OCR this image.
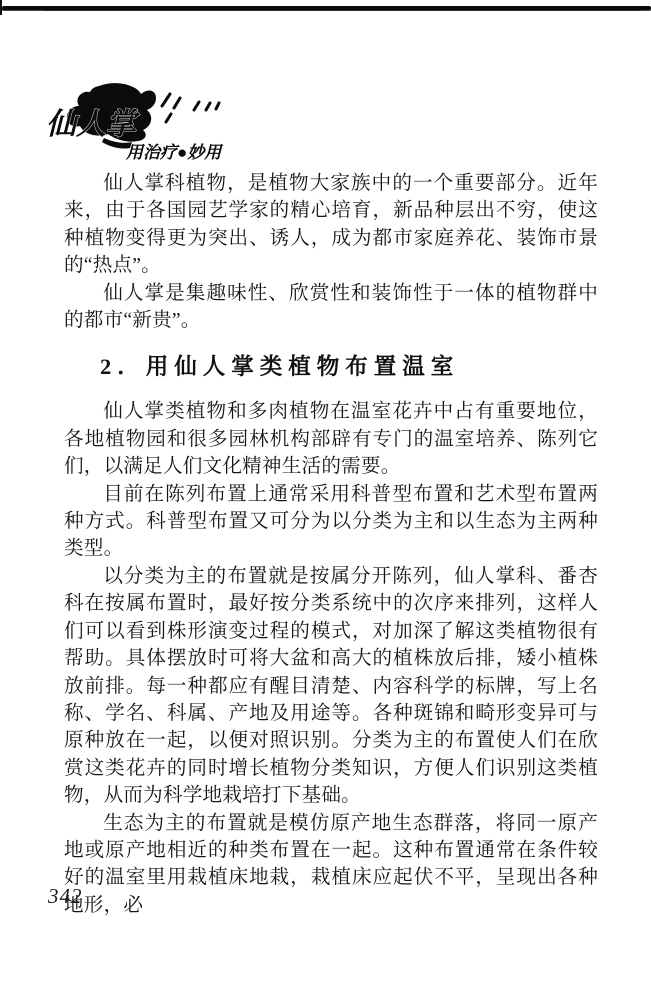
仙人掌
用治疗●妙用

仙人掌科植物，是植物大家族中的一个重要部分。近年来，由于各国园艺学家的精心培育，新品种层出不穷，使这种植物变得更为突出、诱人，成为都市家庭养花、装饰市景的“热点”。

仙人掌是集趣味性、欣赏性和装饰性于一体的植物群中的都市“新贵”。

2．用仙人掌类植物布置温室

仙人掌类植物和多肉植物在温室花卉中占有重要地位，各地植物园和很多园林机构部辟有专门的温室培养、陈列它们，以满足人们文化精神生活的需要。

目前在陈列布置上通常采用科普型布置和艺术型布置两种方式。科普型布置又可分为以分类为主和以生态为主两种类型。

以分类为主的布置就是按属分开陈列，仙人掌科、番杏科在按属布置时，最好按分类系统中的次序来排列，这样人们可以看到株形演变过程的模式，对加深了解这类植物很有帮助。具体摆放时可将大盆和高大的植株放后排，矮小植株放前排。每一种都应有醒目清楚、内容科学的标牌，写上名称、学名、科属、产地及用途等。各种斑锦和畸形变异可与原种放在一起，以便对照识别。分类为主的布置使人们在欣赏这类花卉的同时增长植物分类知识，方便人们识别这类植物，从而为科学地栽培打下基础。

生态为主的布置就是模仿原产地生态群落，将同一原产地或原产地相近的种类布置在一起。这种布置通常在条件较好的温室里用栽植床地栽，栽植床应起伏不平，呈现出各种地形，必

342
